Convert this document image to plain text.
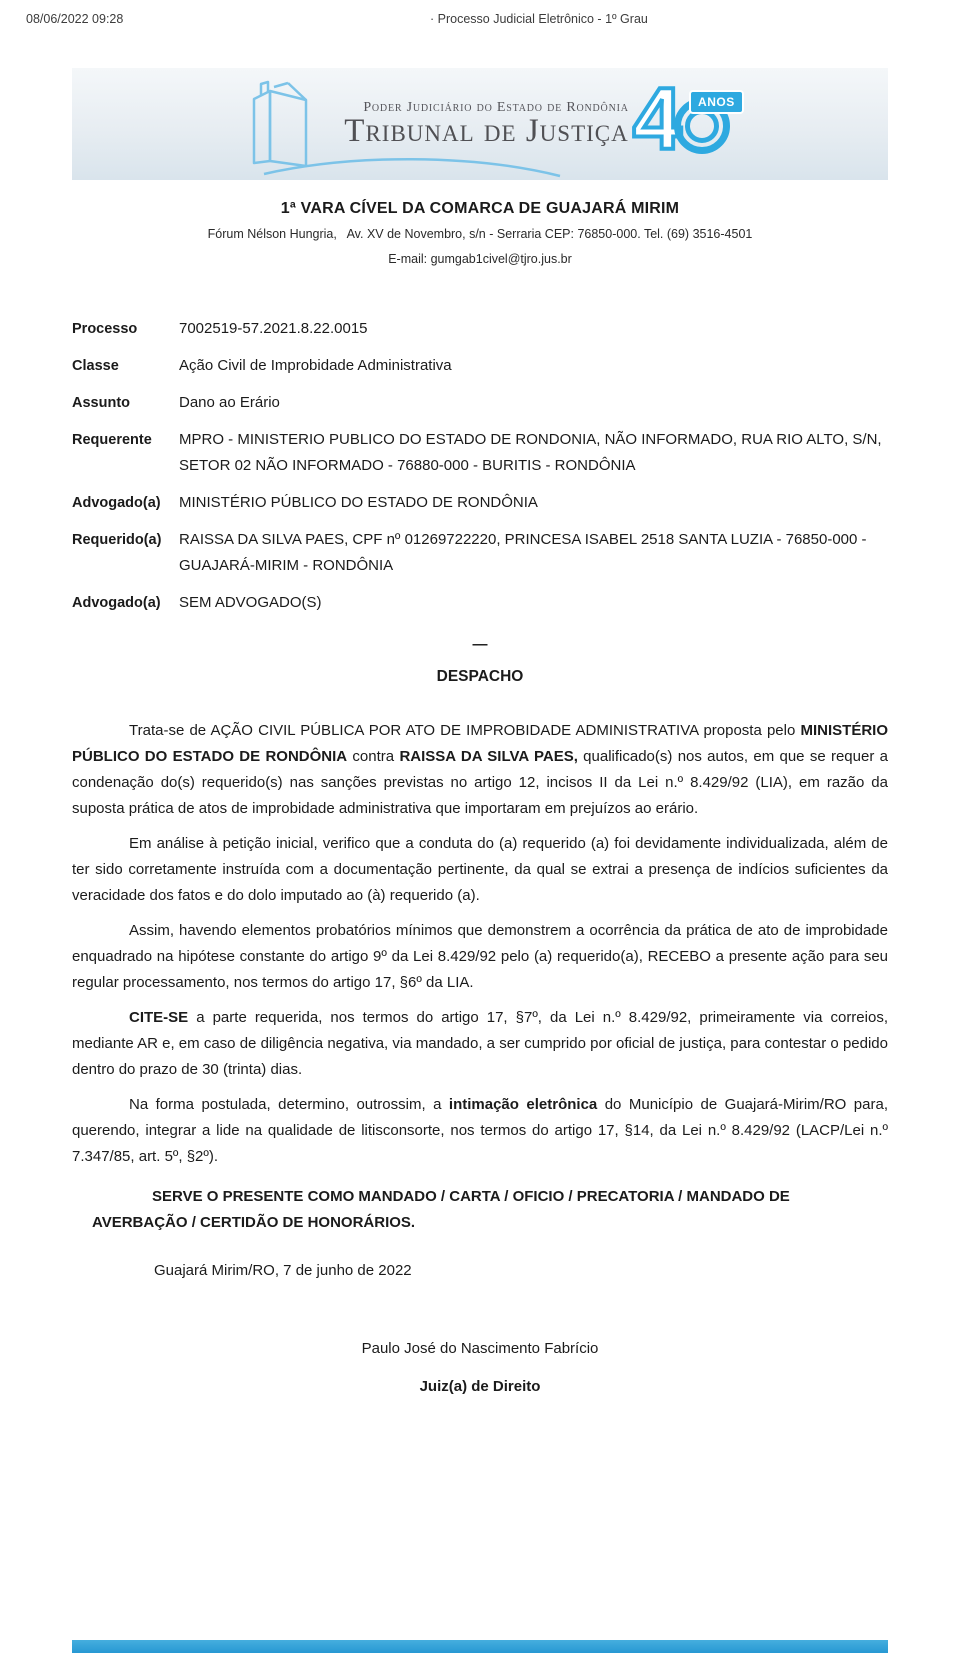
08/06/2022 09:28	· Processo Judicial Eletrônico - 1º Grau
Poder Judiciário do Estado de Rondônia
Tribunal de Justiça 4	ANOS
1ª VARA CÍVEL DA COMARCA DE GUAJARÁ MIRIM
Fórum Nélson Hungria,   Av. XV de Novembro, s/n - Serraria CEP: 76850-000. Tel. (69) 3516-4501
E-mail: gumgab1civel@tjro.jus.br
Processo	7002519-57.2021.8.22.0015
Classe	Ação Civil de Improbidade Administrativa
Assunto	Dano ao Erário
Requerente	MPRO - MINISTERIO PUBLICO DO ESTADO DE RONDONIA, NÃO INFORMADO, RUA RIO ALTO, S/N, SETOR 02 NÃO INFORMADO - 76880-000 - BURITIS - RONDÔNIA
Advogado(a)	MINISTÉRIO PÚBLICO DO ESTADO DE RONDÔNIA
Requerido(a)	RAISSA DA SILVA PAES, CPF nº 01269722220, PRINCESA ISABEL 2518 SANTA LUZIA - 76850-000 - GUAJARÁ-MIRIM - RONDÔNIA
Advogado(a)	SEM ADVOGADO(S)
—
DESPACHO

Trata-se de AÇÃO CIVIL PÚBLICA POR ATO DE IMPROBIDADE ADMINISTRATIVA proposta pelo MINISTÉRIO PÚBLICO DO ESTADO DE RONDÔNIA contra RAISSA DA SILVA PAES, qualificado(s) nos autos, em que se requer a condenação do(s) requerido(s) nas sanções previstas no artigo 12, incisos II da Lei n.º 8.429/92 (LIA), em razão da suposta prática de atos de improbidade administrativa que importaram em prejuízos ao erário.

Em análise à petição inicial, verifico que a conduta do (a) requerido (a) foi devidamente individualizada, além de ter sido corretamente instruída com a documentação pertinente, da qual se extrai a presença de indícios suficientes da veracidade dos fatos e do dolo imputado ao (à) requerido (a).

Assim, havendo elementos probatórios mínimos que demonstrem a ocorrência da prática de ato de improbidade enquadrado na hipótese constante do artigo 9º da Lei 8.429/92 pelo (a) requerido(a), RECEBO a presente ação para seu regular processamento, nos termos do artigo 17, §6º da LIA.

CITE-SE a parte requerida, nos termos do artigo 17, §7º, da Lei n.º 8.429/92, primeiramente via correios, mediante AR e, em caso de diligência negativa, via mandado, a ser cumprido por oficial de justiça, para contestar o pedido dentro do prazo de 30 (trinta) dias.

Na forma postulada, determino, outrossim, a intimação eletrônica do Município de Guajará-Mirim/RO para, querendo, integrar a lide na qualidade de litisconsorte, nos termos do artigo 17, §14, da Lei n.º 8.429/92 (LACP/Lei n.º 7.347/85, art. 5º, §2º).

SERVE O PRESENTE COMO MANDADO / CARTA / OFICIO / PRECATORIA / MANDADO DE AVERBAÇÃO / CERTIDÃO DE HONORÁRIOS.

Guajará Mirim/RO, 7 de junho de 2022
Paulo José do Nascimento Fabrício
Juiz(a) de Direito
